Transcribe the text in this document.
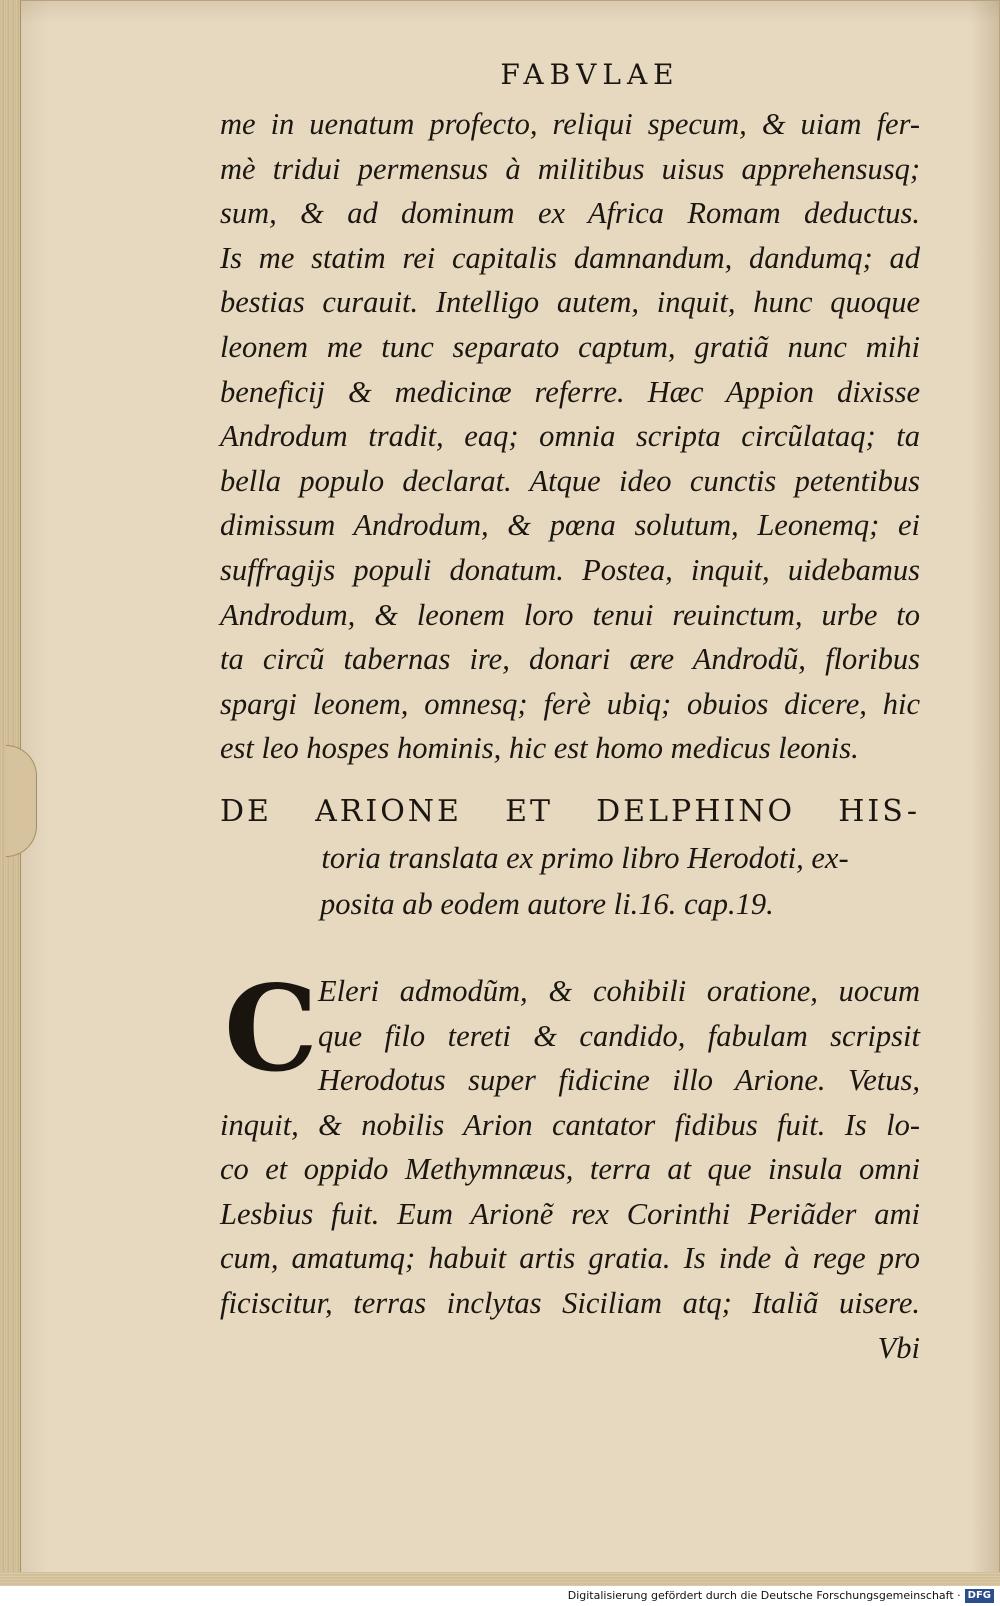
FABVLAE
me in uenatum profecto, reliqui specum, & uiam fer-
mè tridui permensus à militibus uisus apprehensusq;
sum, & ad dominum ex Africa Romam deductus.
Is me statim rei capitalis damnandum, dandumq; ad
bestias curauit. Intelligo autem, inquit, hunc quoque
leonem me tunc separato captum, gratiã nunc mihi
beneficij & medicinæ referre. Hæc Appion dixisse
Androdum tradit, eaq; omnia scripta circũlataq; ta
bella populo declarat. Atque ideo cunctis petentibus
dimissum Androdum, & pœna solutum, Leonemq; ei
suffragijs populi donatum. Postea, inquit, uidebamus
Androdum, & leonem loro tenui reuinctum, urbe to
ta circũ tabernas ire, donari ære Androdũ, floribus
spargi leonem, omnesq; ferè ubiq; obuios dicere, hic
est leo hospes hominis, hic est homo medicus leonis.
DE ARIONE ET DELPHINO HIS-
toria translata ex primo libro Herodoti, ex-
posita ab eodem autore li.16. cap.19.
C Eleri admodũm, & cohibili oratione, uocum
que filo tereti & candido, fabulam scripsit
Herodotus super fidicine illo Arione. Vetus,
inquit, & nobilis Arion cantator fidibus fuit. Is lo-
co et oppido Methymnæus, terra at que insula omni
Lesbius fuit. Eum Arionẽ rex Corinthi Periãder ami
cum, amatumq; habuit artis gratia. Is inde à rege pro
ficiscitur, terras inclytas Siciliam atq; Italiã uisere.
Vbi
Digitalisierung gefördert durch die Deutsche Forschungsgemeinschaft · DFG
